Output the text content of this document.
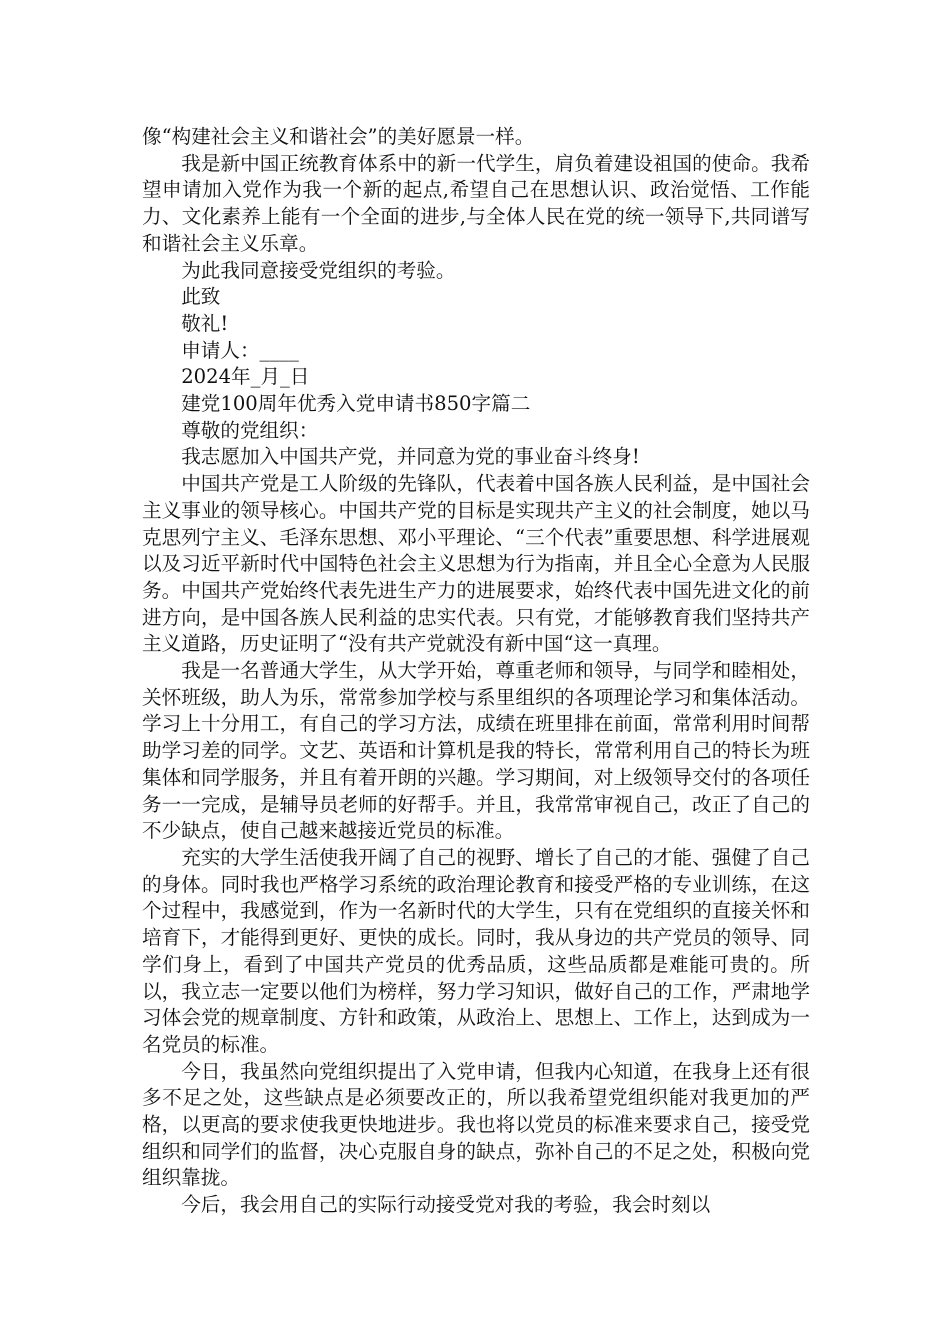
像“构建社会主义和谐社会”的美好愿景一样。

我是新中国正统教育体系中的新一代学生，肩负着建设祖国的使命。我希望申请加入党作为我一个新的起点,希望自己在思想认识、政治觉悟、工作能力、文化素养上能有一个全面的进步,与全体人民在党的统一领导下,共同谱写和谐社会主义乐章。

为此我同意接受党组织的考验。

此致

敬礼!

申请人：____

2024年_月_日

建党100周年优秀入党申请书850字篇二

尊敬的党组织：

我志愿加入中国共产党，并同意为党的事业奋斗终身!

中国共产党是工人阶级的先锋队，代表着中国各族人民利益，是中国社会主义事业的领导核心。中国共产党的目标是实现共产主义的社会制度，她以马克思列宁主义、毛泽东思想、邓小平理论、“三个代表”重要思想、科学进展观以及习近平新时代中国特色社会主义思想为行为指南，并且全心全意为人民服务。中国共产党始终代表先进生产力的进展要求，始终代表中国先进文化的前进方向，是中国各族人民利益的忠实代表。只有党，才能够教育我们坚持共产主义道路，历史证明了“没有共产党就没有新中国“这一真理。

我是一名普通大学生，从大学开始，尊重老师和领导，与同学和睦相处，关怀班级，助人为乐，常常参加学校与系里组织的各项理论学习和集体活动。学习上十分用工，有自己的学习方法，成绩在班里排在前面，常常利用时间帮助学习差的同学。文艺、英语和计算机是我的特长，常常利用自己的特长为班集体和同学服务，并且有着开朗的兴趣。学习期间，对上级领导交付的各项任务一一完成，是辅导员老师的好帮手。并且，我常常审视自己，改正了自己的不少缺点，使自己越来越接近党员的标准。

充实的大学生活使我开阔了自己的视野、增长了自己的才能、强健了自己的身体。同时我也严格学习系统的政治理论教育和接受严格的专业训练，在这个过程中，我感觉到，作为一名新时代的大学生，只有在党组织的直接关怀和培育下，才能得到更好、更快的成长。同时，我从身边的共产党员的领导、同学们身上，看到了中国共产党员的优秀品质，这些品质都是难能可贵的。所以，我立志一定要以他们为榜样，努力学习知识，做好自己的工作，严肃地学习体会党的规章制度、方针和政策，从政治上、思想上、工作上，达到成为一名党员的标准。

今日，我虽然向党组织提出了入党申请，但我内心知道，在我身上还有很多不足之处，这些缺点是必须要改正的，所以我希望党组织能对我更加的严格，以更高的要求使我更快地进步。我也将以党员的标准来要求自己，接受党组织和同学们的监督，决心克服自身的缺点，弥补自己的不足之处，积极向党组织靠拢。

今后，我会用自己的实际行动接受党对我的考验，我会时刻以
